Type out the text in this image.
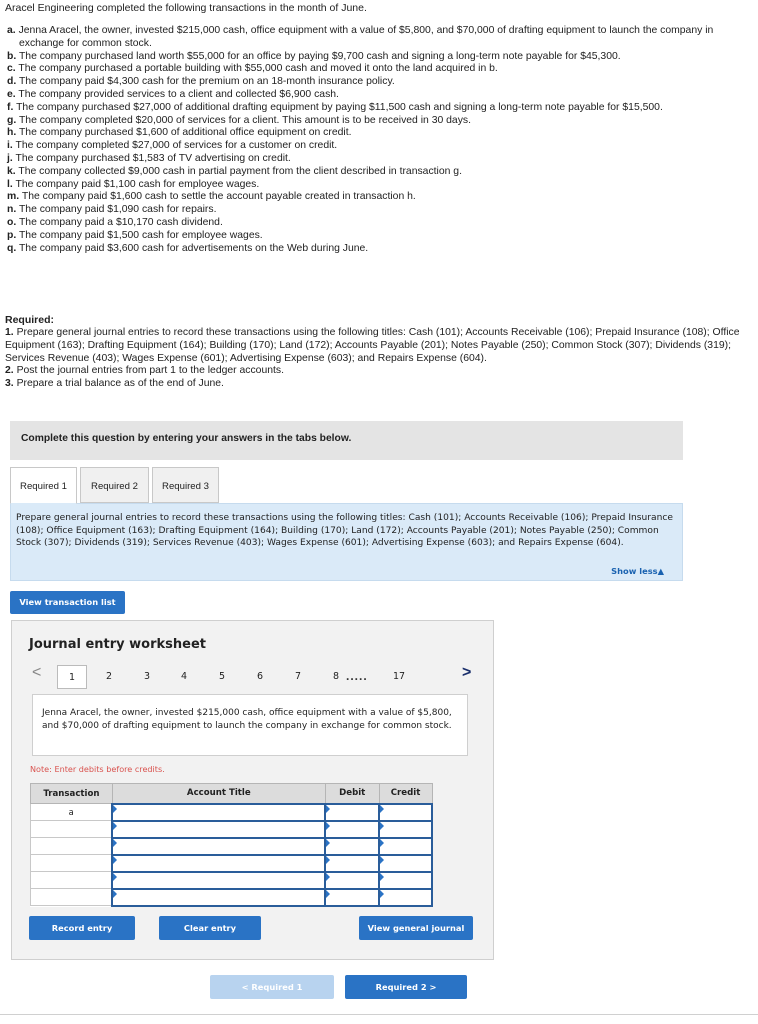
Aracel Engineering completed the following transactions in the month of June.
a. Jenna Aracel, the owner, invested $215,000 cash, office equipment with a value of $5,800, and $70,000 of drafting equipment to launch the company in exchange for common stock.
b. The company purchased land worth $55,000 for an office by paying $9,700 cash and signing a long-term note payable for $45,300.
c. The company purchased a portable building with $55,000 cash and moved it onto the land acquired in b.
d. The company paid $4,300 cash for the premium on an 18-month insurance policy.
e. The company provided services to a client and collected $6,900 cash.
f. The company purchased $27,000 of additional drafting equipment by paying $11,500 cash and signing a long-term note payable for $15,500.
g. The company completed $20,000 of services for a client. This amount is to be received in 30 days.
h. The company purchased $1,600 of additional office equipment on credit.
i. The company completed $27,000 of services for a customer on credit.
j. The company purchased $1,583 of TV advertising on credit.
k. The company collected $9,000 cash in partial payment from the client described in transaction g.
l. The company paid $1,100 cash for employee wages.
m. The company paid $1,600 cash to settle the account payable created in transaction h.
n. The company paid $1,090 cash for repairs.
o. The company paid a $10,170 cash dividend.
p. The company paid $1,500 cash for employee wages.
q. The company paid $3,600 cash for advertisements on the Web during June.
Required:
1. Prepare general journal entries to record these transactions using the following titles: Cash (101); Accounts Receivable (106); Prepaid Insurance (108); Office Equipment (163); Drafting Equipment (164); Building (170); Land (172); Accounts Payable (201); Notes Payable (250); Common Stock (307); Dividends (319); Services Revenue (403); Wages Expense (601); Advertising Expense (603); and Repairs Expense (604).
2. Post the journal entries from part 1 to the ledger accounts.
3. Prepare a trial balance as of the end of June.
Complete this question by entering your answers in the tabs below.
Required 1	Required 2	Required 3
Prepare general journal entries to record these transactions using the following titles: Cash (101); Accounts Receivable (106); Prepaid Insurance (108); Office Equipment (163); Drafting Equipment (164); Building (170); Land (172); Accounts Payable (201); Notes Payable (250); Common Stock (307); Dividends (319); Services Revenue (403); Wages Expense (601); Advertising Expense (603); and Repairs Expense (604).
Show less▲
View transaction list
Journal entry worksheet
<	1	2	3	4	5	6	7	8 .....	17	>
Jenna Aracel, the owner, invested $215,000 cash, office equipment with a value of $5,800, and $70,000 of drafting equipment to launch the company in exchange for common stock.
Note: Enter debits before credits.
Transaction	Account Title	Debit	Credit
a			

Record entry	Clear entry	View general journal
< Required 1	Required 2 >
